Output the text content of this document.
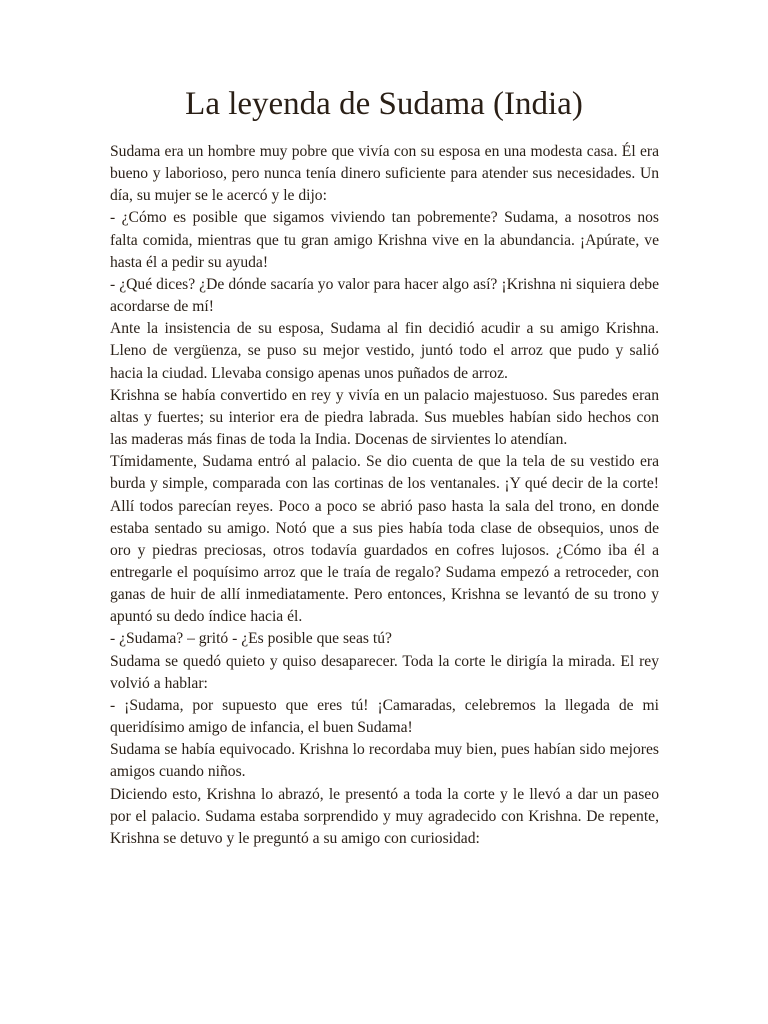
La leyenda de Sudama (India)

Sudama era un hombre muy pobre que vivía con su esposa en una modesta casa. Él era bueno y laborioso, pero nunca tenía dinero suficiente para atender sus necesidades. Un día, su mujer se le acercó y le dijo:

- ¿Cómo es posible que sigamos viviendo tan pobremente? Sudama, a nosotros nos falta comida, mientras que tu gran amigo Krishna vive en la abundancia. ¡Apúrate, ve hasta él a pedir su ayuda!

- ¿Qué dices? ¿De dónde sacaría yo valor para hacer algo así? ¡Krishna ni siquiera debe acordarse de mí!

Ante la insistencia de su esposa, Sudama al fin decidió acudir a su amigo Krishna. Lleno de vergüenza, se puso su mejor vestido, juntó todo el arroz que pudo y salió hacia la ciudad. Llevaba consigo apenas unos puñados de arroz.

Krishna se había convertido en rey y vivía en un palacio majestuoso. Sus paredes eran altas y fuertes; su interior era de piedra labrada. Sus muebles habían sido hechos con las maderas más finas de toda la India. Docenas de sirvientes lo atendían.

Tímidamente, Sudama entró al palacio. Se dio cuenta de que la tela de su vestido era burda y simple, comparada con las cortinas de los ventanales. ¡Y qué decir de la corte! Allí todos parecían reyes. Poco a poco se abrió paso hasta la sala del trono, en donde estaba sentado su amigo. Notó que a sus pies había toda clase de obsequios, unos de oro y piedras preciosas, otros todavía guardados en cofres lujosos. ¿Cómo iba él a entregarle el poquísimo arroz que le traía de regalo? Sudama empezó a retroceder, con ganas de huir de allí inmediatamente. Pero entonces, Krishna se levantó de su trono y apuntó su dedo índice hacia él.

- ¿Sudama? – gritó - ¿Es posible que seas tú?

Sudama se quedó quieto y quiso desaparecer. Toda la corte le dirigía la mirada. El rey volvió a hablar:

- ¡Sudama, por supuesto que eres tú! ¡Camaradas, celebremos la llegada de mi queridísimo amigo de infancia, el buen Sudama!

Sudama se había equivocado. Krishna lo recordaba muy bien, pues habían sido mejores amigos cuando niños.

Diciendo esto, Krishna lo abrazó, le presentó a toda la corte y le llevó a dar un paseo por el palacio. Sudama estaba sorprendido y muy agradecido con Krishna. De repente, Krishna se detuvo y le preguntó a su amigo con curiosidad:
